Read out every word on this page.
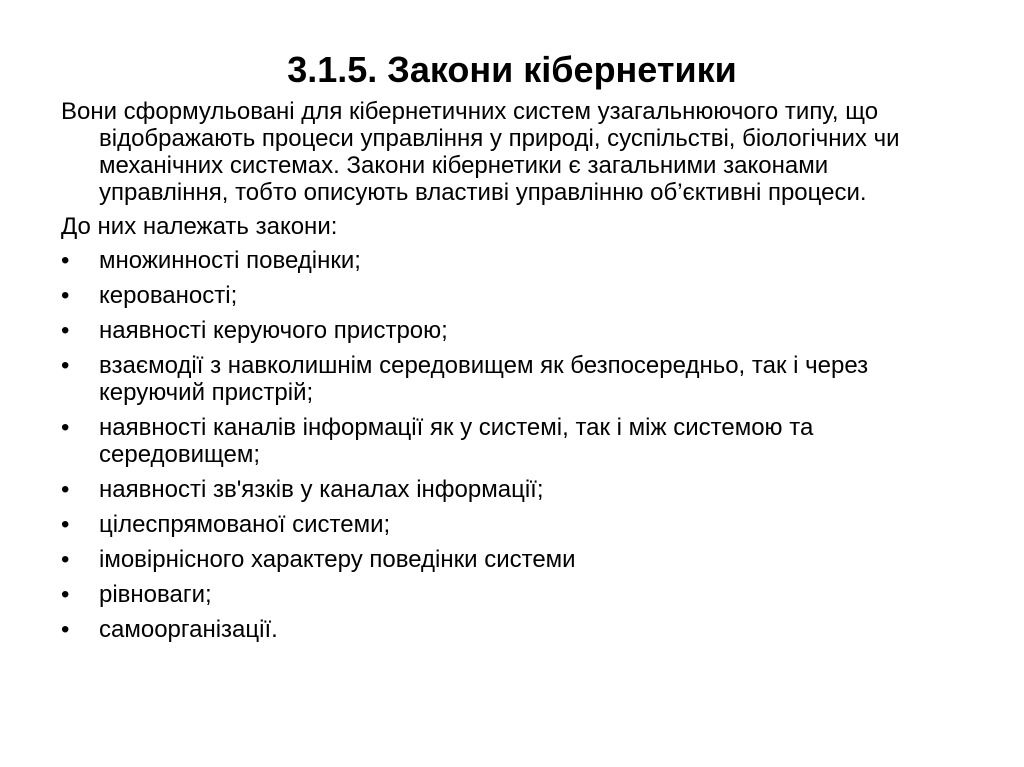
3.1.5. Закони кібернетики

Вони сформульовані для кібернетичних систем узагальнюючого типу, що відображають процеси управління у природі, суспільстві, біологічних чи механічних системах. Закони кібернетики є загальними законами управління, тобто описують властиві управлінню об’єктивні процеси.

До них належать закони:

•	множинності поведінки;
•	керованості;
•	наявності керуючого пристрою;
•	взаємодії з навколишнім середовищем як безпосередньо, так і через керуючий пристрій;
•	наявності каналів інформації як у системі, так і між системою та середовищем;
•	наявності зв'язків у каналах інформації;
•	цілеспрямованої системи;
•	імовірнісного характеру поведінки системи
•	рівноваги;
•	самоорганізації.
